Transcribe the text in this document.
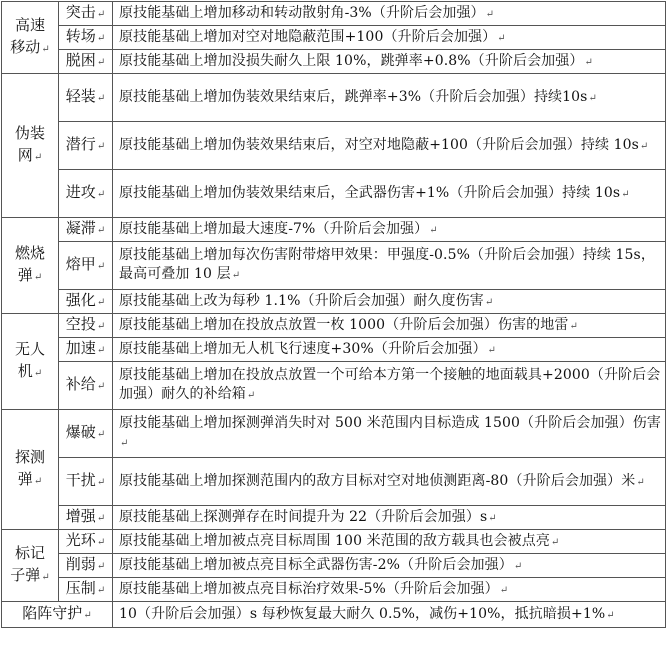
高速
移动↵	突击↵	原技能基础上增加移动和转动散射角-3%（升阶后会加强）↵
	转场↵	原技能基础上增加对空对地隐蔽范围+100（升阶后会加强）↵
	脱困↵	原技能基础上增加没损失耐久上限 10%，跳弹率+0.8%（升阶后会加强）↵

伪装
网↵	轻装↵	原技能基础上增加伪装效果结束后，跳弹率+3%（升阶后会加强）持续10s↵
	潜行↵	原技能基础上增加伪装效果结束后，对空对地隐蔽+100（升阶后会加强）持续 10s↵
	进攻↵	原技能基础上增加伪装效果结束后，全武器伤害+1%（升阶后会加强）持续 10s↵

燃烧
弹↵	凝滞↵	原技能基础上增加最大速度-7%（升阶后会加强）↵
	熔甲↵	原技能基础上增加每次伤害附带熔甲效果：甲强度-0.5%（升阶后会加强）持续 15s，最高可叠加 10 层↵
	强化↵	原技能基础上改为每秒 1.1%（升阶后会加强）耐久度伤害↵

无人
机↵	空投↵	原技能基础上增加在投放点放置一枚 1000（升阶后会加强）伤害的地雷↵
	加速↵	原技能基础上增加无人机飞行速度+30%（升阶后会加强）↵
	补给↵	原技能基础上增加在投放点放置一个可给本方第一个接触的地面载具+2000（升阶后会加强）耐久的补给箱↵

探测
弹↵	爆破↵	原技能基础上增加探测弹消失时对 500 米范围内目标造成 1500（升阶后会加强）伤害↵
	干扰↵	原技能基础上增加探测范围内的敌方目标对空对地侦测距离-80（升阶后会加强）米↵
	增强↵	原技能基础上探测弹存在时间提升为 22（升阶后会加强）s↵

标记
子弹↵	光环↵	原技能基础上增加被点亮目标周围 100 米范围的敌方载具也会被点亮↵
	削弱↵	原技能基础上增加被点亮目标全武器伤害-2%（升阶后会加强）↵
	压制↵	原技能基础上增加被点亮目标治疗效果-5%（升阶后会加强）↵
陷阵守护↵		10（升阶后会加强）s 每秒恢复最大耐久 0.5%，减伤+10%，抵抗暗损+1%↵
